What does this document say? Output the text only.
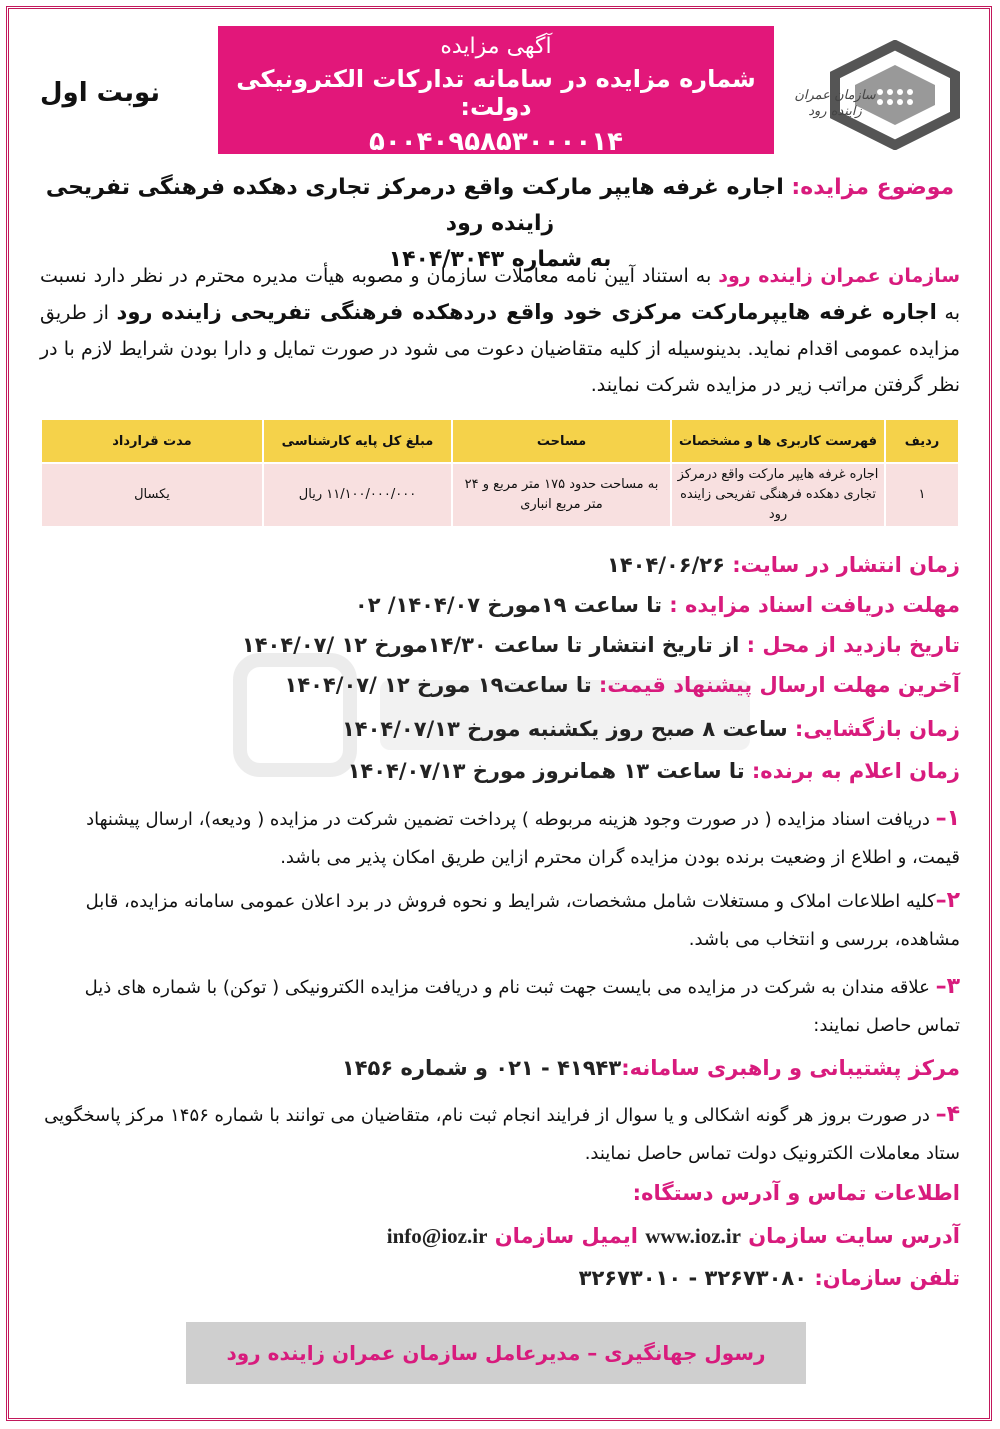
سازمان عمران زاینده رود
آگهی مزایده
شماره مزایده در سامانه تدارکات الکترونیکی دولت:
۵۰۰۴۰۹۵۸۵۳۰۰۰۰۱۴
نوبت اول
موضوع مزایده: اجاره غرفه هایپر مارکت واقع درمرکز تجاری دهکده فرهنگی تفریحی زاینده رود
به شماره ۱۴۰۴/۳۰۴۳
سازمان عمران زاینده رود به استناد آیین نامه معاملات سازمان و مصوبه هیأت مدیره محترم در نظر دارد نسبت به اجاره غرفه هایپرمارکت مرکزی خود واقع دردهکده فرهنگی تفریحی زاینده رود از طریق مزایده عمومی اقدام نماید. بدینوسیله از کلیه متقاضیان دعوت می شود در صورت تمایل و دارا بودن شرایط لازم با در نظر گرفتن مراتب زیر در مزایده شرکت نمایند.
ردیف	فهرست کاربری ها و مشخصات	مساحت	مبلغ کل پایه کارشناسی	مدت قرارداد
۱	اجاره غرفه هایپر مارکت واقع درمرکز تجاری دهکده فرهنگی تفریحی زاینده رود	به مساحت حدود ۱۷۵ متر مربع و ۲۴ متر مربع انباری	۱۱/۱۰۰/۰۰۰/۰۰۰ ریال	یکسال
زمان انتشار در سایت: ۱۴۰۴/۰۶/۲۶
مهلت دریافت اسناد مزایده : تا ساعت ۱۹مورخ ۱۴۰۴/۰۷/ ۰۲
تاریخ بازدید از محل : از تاریخ انتشار تا ساعت ۱۴/۳۰مورخ ۱۲ /۱۴۰۴/۰۷
آخرین مهلت ارسال پیشنهاد قیمت: تا ساعت۱۹ مورخ ۱۲ /۱۴۰۴/۰۷
زمان بازگشایی: ساعت ۸ صبح روز یکشنبه مورخ ۱۴۰۴/۰۷/۱۳
زمان اعلام به برنده: تا ساعت ۱۳ همانروز مورخ ۱۴۰۴/۰۷/۱۳
۱– دریافت اسناد مزایده ( در صورت وجود هزینه مربوطه ) پرداخت تضمین شرکت در مزایده ( ودیعه)، ارسال پیشنهاد قیمت، و اطلاع از وضعیت برنده بودن مزایده گران محترم ازاین طریق امکان پذیر می باشد.
۲–کلیه اطلاعات املاک و مستغلات شامل مشخصات، شرایط و نحوه فروش در برد اعلان عمومی سامانه مزایده، قابل مشاهده، بررسی و انتخاب می باشد.
۳– علاقه مندان به شرکت در مزایده می بایست جهت ثبت نام و دریافت مزایده الکترونیکی ( توکن) با شماره های ذیل تماس حاصل نمایند:
مرکز پشتیبانی و راهبری سامانه:۴۱۹۴۳ - ۰۲۱ و شماره ۱۴۵۶
۴– در صورت بروز هر گونه اشکالی و یا سوال از فرایند انجام ثبت نام، متقاضیان می توانند با شماره ۱۴۵۶ مرکز پاسخگویی ستاد معاملات الکترونیک دولت تماس حاصل نمایند.
اطلاعات تماس و آدرس دستگاه:
آدرس سایت سازمان www.ioz.ir ایمیل سازمان info@ioz.ir
تلفن سازمان: ۳۲۶۷۳۰۸۰ - ۳۲۶۷۳۰۱۰
رسول جهانگیری – مدیرعامل سازمان عمران زاینده رود
